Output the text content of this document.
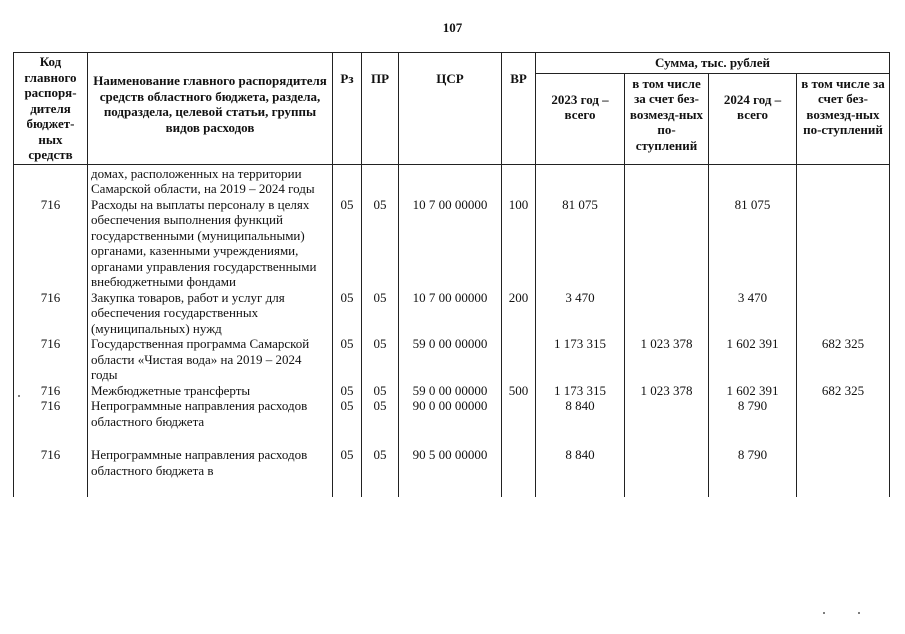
107
Код главного распоря-дителя бюджет-ных средств	Наименование главного распорядителя средств областного бюджета, раздела, подраздела, целевой статьи, группы видов расходов	Рз	ПР	ЦСР	ВР	Сумма, тыс. рублей			
						2023 год – всего	в том числе за счет без-возмезд-ных по-ступлений	2024 год – всего	в том числе за счет без-возмезд-ных по-ступлений
	домах, расположенных на территории Самарской области, на 2019 – 2024 годы								
716	Расходы на выплаты персоналу в целях обеспечения выполнения функций государственными (муниципальными) органами, казенными учреждениями, органами управления государственными внебюджетными фондами	05	05	10 7 00 00000	100	81 075		81 075	
716	Закупка товаров, работ и услуг для обеспечения государственных (муниципальных) нужд	05	05	10 7 00 00000	200	3 470		3 470	
716	Государственная программа Самарской области «Чистая вода» на 2019 – 2024 годы	05	05	59 0 00 00000		1 173 315	1 023 378	1 602 391	682 325
716	Межбюджетные трансферты	05	05	59 0 00 00000	500	1 173 315	1 023 378	1 602 391	682 325
716	Непрограммные направления расходов областного бюджета	05	05	90 0 00 00000		8 840		8 790	

716	Непрограммные направления расходов областного бюджета в	05	05	90 5 00 00000		8 840		8 790	
